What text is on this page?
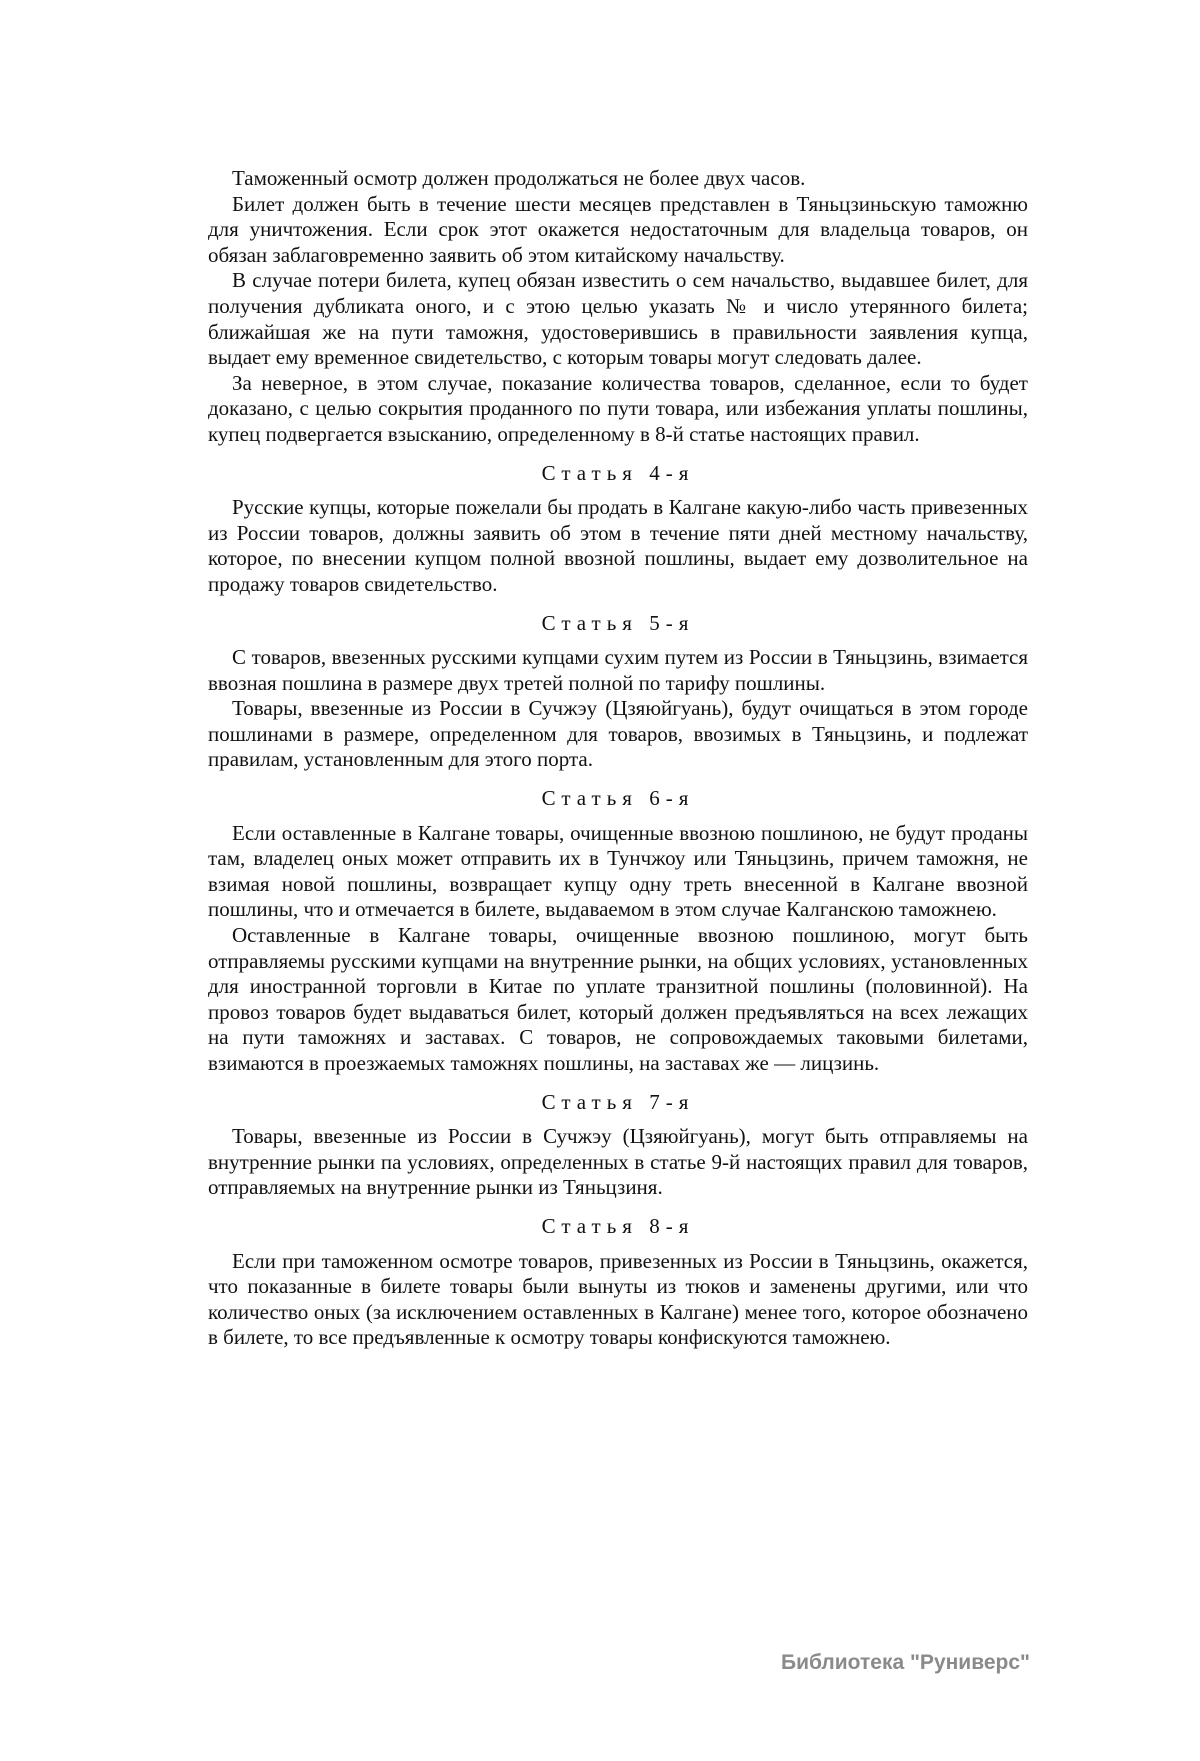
Таможенный осмотр должен продолжаться не более двух часов.

Билет должен быть в течение шести месяцев представлен в Тяньцзиньскую таможню для уничтожения. Если срок этот окажется недостаточным для владельца товаров, он обязан заблаговременно заявить об этом китайскому начальству.

В случае потери билета, купец обязан известить о сем начальство, выдавшее билет, для получения дубликата оного, и с этою целью указать № и число утерянного билета; ближайшая же на пути таможня, удостоверившись в правильности заявления купца, выдает ему временное свидетельство, с которым товары могут следовать далее.

За неверное, в этом случае, показание количества товаров, сделанное, если то будет доказано, с целью сокрытия проданного по пути товара, или избежания уплаты пошлины, купец подвергается взысканию, определенному в 8-й статье настоящих правил.

Статья 4-я

Русские купцы, которые пожелали бы продать в Калгане какую-либо часть привезенных из России товаров, должны заявить об этом в течение пяти дней местному начальству, которое, по внесении купцом полной ввозной пошлины, выдает ему дозволительное на продажу товаров свидетельство.

Статья 5-я

С товаров, ввезенных русскими купцами сухим путем из России в Тяньцзинь, взимается ввозная пошлина в размере двух третей полной по тарифу пошлины.

Товары, ввезенные из России в Сучжэу (Цзяюйгуань), будут очищаться в этом городе пошлинами в размере, определенном для товаров, ввозимых в Тяньцзинь, и подлежат правилам, установленным для этого порта.

Статья 6-я

Если оставленные в Калгане товары, очищенные ввозною пошлиною, не будут проданы там, владелец оных может отправить их в Тунчжоу или Тяньцзинь, причем таможня, не взимая новой пошлины, возвращает купцу одну треть внесенной в Калгане ввозной пошлины, что и отмечается в билете, выдаваемом в этом случае Калганскою таможнею.

Оставленные в Калгане товары, очищенные ввозною пошлиною, могут быть отправляемы русскими купцами на внутренние рынки, на общих условиях, установленных для иностранной торговли в Китае по уплате транзитной пошлины (половинной). На провоз товаров будет выдаваться билет, который должен предъявляться на всех лежащих на пути таможнях и заставах. С товаров, не сопровождаемых таковыми билетами, взимаются в проезжаемых таможнях пошлины, на заставах же — лицзинь.

Статья 7-я

Товары, ввезенные из России в Сучжэу (Цзяюйгуань), могут быть отправляемы на внутренние рынки па условиях, определенных в статье 9-й настоящих правил для товаров, отправляемых на внутренние рынки из Тяньцзиня.

Статья 8-я

Если при таможенном осмотре товаров, привезенных из России в Тяньцзинь, окажется, что показанные в билете товары были вынуты из тюков и заменены другими, или что количество оных (за исключением оставленных в Калгане) менее того, которое обозначено в билете, то все предъявленные к осмотру товары конфискуются таможнею.

Библиотека "Руниверс"
